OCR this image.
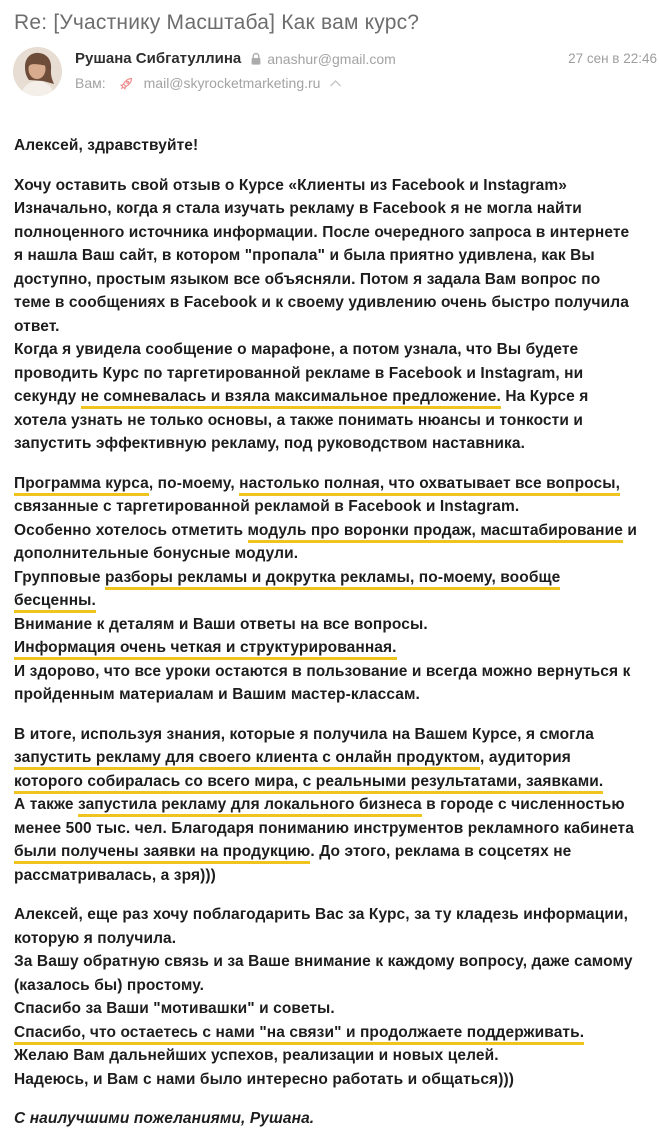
Re: [Участнику Масштаба] Как вам курс?
Рушана Сибгатуллина anashur@gmail.com	27 сен в 22:46
Вам:	mail@skyrocketmarketing.ru
Алексей, здравствуйте!
Хочу оставить свой отзыв о Курсе «Клиенты из Facebook и Instagram»
Изначально, когда я стала изучать рекламу в Facebook я не могла найти
полноценного источника информации. После очередного запроса в интернете
я нашла Ваш сайт, в котором "пропала" и была приятно удивлена, как Вы
доступно, простым языком все объясняли. Потом я задала Вам вопрос по
теме в сообщениях в Facebook и к своему удивлению очень быстро получила
ответ.
Когда я увидела сообщение о марафоне, а потом узнала, что Вы будете
проводить Курс по таргетированной рекламе в Facebook и Instagram, ни
секунду не сомневалась и взяла максимальное предложение. На Курсе я
хотела узнать не только основы, а также понимать нюансы и тонкости и
запустить эффективную рекламу, под руководством наставника.
Программа курса, по-моему, настолько полная, что охватывает все вопросы,
связанные с таргетированной рекламой в Facebook и Instagram.
Особенно хотелось отметить модуль про воронки продаж, масштабирование и
дополнительные бонусные модули.
Групповые разборы рекламы и докрутка рекламы, по-моему, вообще
бесценны.
Внимание к деталям и Ваши ответы на все вопросы.
Информация очень четкая и структурированная.
И здорово, что все уроки остаются в пользование и всегда можно вернуться к
пройденным материалам и Вашим мастер-классам.
В итоге, используя знания, которые я получила на Вашем Курсе, я смогла
запустить рекламу для своего клиента с онлайн продуктом, аудитория
которого собиралась со всего мира, с реальными результатами, заявками.
А также запустила рекламу для локального бизнеса в городе с численностью
менее 500 тыс. чел. Благодаря пониманию инструментов рекламного кабинета
были получены заявки на продукцию. До этого, реклама в соцсетях не
рассматривалась, а зря)))
Алексей, еще раз хочу поблагодарить Вас за Курс, за ту кладезь информации,
которую я получила.
За Вашу обратную связь и за Ваше внимание к каждому вопросу, даже самому
(казалось бы) простому.
Спасибо за Ваши "мотивашки" и советы.
Спасибо, что остаетесь с нами "на связи" и продолжаете поддерживать.
Желаю Вам дальнейших успехов, реализации и новых целей.
Надеюсь, и Вам с нами было интересно работать и общаться)))
С наилучшими пожеланиями, Рушана.
